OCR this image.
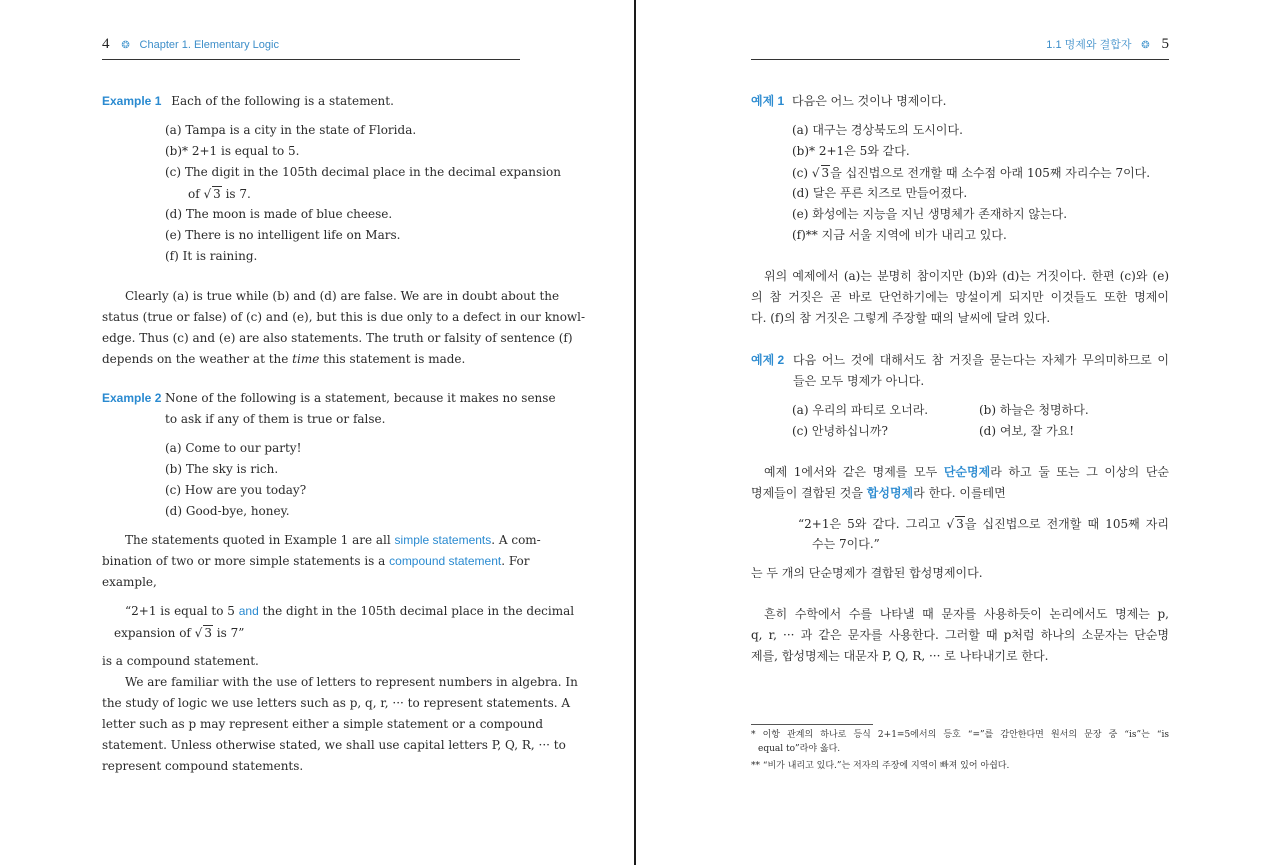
4 ❂ Chapter 1. Elementary Logic
Example 1 Each of the following is a statement.
(a) Tampa is a city in the state of Florida.
(b)* 2+1 is equal to 5.
(c) The digit in the 105th decimal place in the decimal expansion
of √ 3 is 7.
(d) The moon is made of blue cheese.
(e) There is no intelligent life on Mars.
(f) It is raining.
Clearly (a) is true while (b) and (d) are false. We are in doubt about the
status (true or false) of (c) and (e), but this is due only to a defect in our knowl-
edge. Thus (c) and (e) are also statements. The truth or falsity of sentence (f)
depends on the weather at the time this statement is made.
Example 2 None of the following is a statement, because it makes no sense
to ask if any of them is true or false.
(a) Come to our party!
(b) The sky is rich.
(c) How are you today?
(d) Good-bye, honey.
The statements quoted in Example 1 are all simple statements. A com-
bination of two or more simple statements is a compound statement. For
example,
“2+1 is equal to 5 and the dight in the 105th decimal place in the decimal
expansion of √ 3 is 7”
is a compound statement.
We are familiar with the use of letters to represent numbers in algebra. In
the study of logic we use letters such as p, q, r, ··· to represent statements. A
letter such as p may represent either a simple statement or a compound
statement. Unless otherwise stated, we shall use capital letters P, Q, R, ··· to
represent compound statements.
1.1 명제와 결합자 ❂ 5
예제 1 다음은 어느 것이나 명제이다.
(a) 대구는 경상북도의 도시이다.
(b)* 2+1은 5와 같다.
(c) √ 3을 십진법으로 전개할 때 소수점 아래 105째 자리수는 7이다.
(d) 달은 푸른 치즈로 만들어졌다.
(e) 화성에는 지능을 지닌 생명체가 존재하지 않는다.
(f)** 지금 서울 지역에 비가 내리고 있다.
위의 예제에서 (a)는 분명히 참이지만 (b)와 (d)는 거짓이다. 한편 (c)와 (e)
의 참 거짓은 곧 바로 단언하기에는 망설이게 되지만 이것들도 또한 명제이
다. (f)의 참 거짓은 그렇게 주장할 때의 날씨에 달려 있다.
예제 2 다음 어느 것에 대해서도 참 거짓을 묻는다는 자체가 무의미하므로 이
들은 모두 명제가 아니다.
(a) 우리의 파티로 오너라.	(b) 하늘은 청명하다.
(c) 안녕하십니까?	(d) 여보, 잘 가요!
예제 1에서와 같은 명제를 모두 단순명제라 하고 둘 또는 그 이상의 단순
명제들이 결합된 것을 합성명제라 한다. 이를테면
“2+1은 5와 같다. 그리고 √ 3을 십진법으로 전개할 때 105째 자리
수는 7이다.”
는 두 개의 단순명제가 결합된 합성명제이다.
흔히 수학에서 수를 나타낼 때 문자를 사용하듯이 논리에서도 명제는 p,
q, r, ··· 과 같은 문자를 사용한다. 그러할 때 p처럼 하나의 소문자는 단순명
제를, 합성명제는 대문자 P, Q, R, ··· 로 나타내기로 한다.
* 이항 관계의 하나로 등식 2+1=5에서의 등호 “=”를 감안한다면 원서의 문장 중 “is”는 “is
equal to”라야 옳다.
** “비가 내리고 있다.”는 저자의 주장에 지역이 빠져 있어 아쉽다.
